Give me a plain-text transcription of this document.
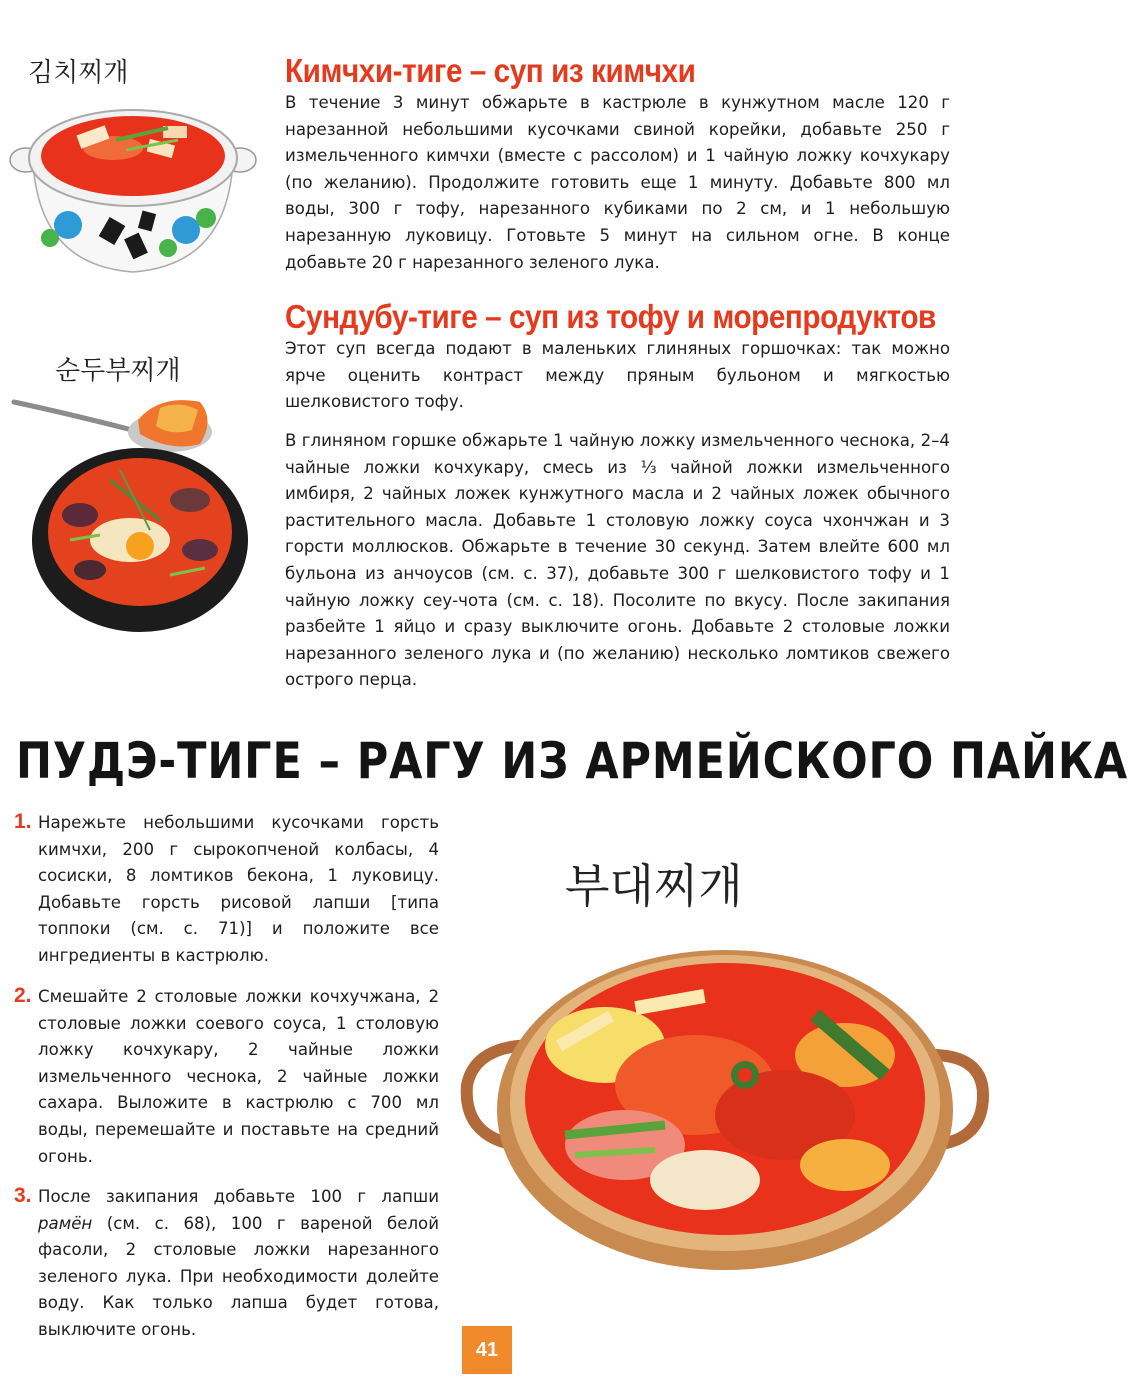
김치찌개	Кимчхи-тиге – суп из кимчхи

В течение 3 минут обжарьте в кастрюле в кунжутном масле 120 г нарезанной небольшими кусочками свиной корейки, добавьте 250 г измельченного кимчхи (вместе с рассолом) и 1 чайную ложку кочхукару (по желанию). Продолжите готовить еще 1 минуту. Добавьте 800 мл воды, 300 г тофу, нарезанного кубиками по 2 см, и 1 небольшую нарезанную луковицу. Готовьте 5 минут на сильном огне. В конце добавьте 20 г нарезанного зеленого лука.

순두부찌개
Сундубу-тиге – суп из тофу и морепродуктов

Этот суп всегда подают в маленьких глиняных горшочках: так можно ярче оценить контраст между пряным бульоном и мягкостью шелковистого тофу.

В глиняном горшке обжарьте 1 чайную ложку измельченного чеснока, 2–4 чайные ложки кочхукару, смесь из ⅓ чайной ложки измельченного имбиря, 2 чайных ложек кунжутного масла и 2 чайных ложек обычного растительного масла. Добавьте 1 столовую ложку соуса чхончжан и 3 горсти моллюсков. Обжарьте в течение 30 секунд. Затем влейте 600 мл бульона из анчоусов (см. с. 37), добавьте 300 г шелковистого тофу и 1 чайную ложку сеу-чота (см. с. 18). Посолите по вкусу. После закипания разбейте 1 яйцо и сразу выключите огонь. Добавьте 2 столовые ложки нарезанного зеленого лука и (по желанию) несколько ломтиков свежего острого перца.

ПУДЭ-ТИГЕ – РАГУ ИЗ АРМЕЙСКОГО ПАЙКА
1. Нарежьте небольшими кусочками горсть кимчхи, 200 г сырокопченой колбасы, 4 сосиски, 8 ломтиков бекона, 1 луковицу. Добавьте горсть рисовой лапши [типа топпоки (см. с. 71)] и положите все ингредиенты в кастрюлю.

2. Смешайте 2 столовые ложки кочхучжана, 2 столовые ложки соевого соуса, 1 столовую ложку кочхукару, 2 чайные ложки измельченного чеснока, 2 чайные ложки сахара. Выложите в кастрюлю с 700 мл воды, перемешайте и поставьте на средний огонь.

3. После закипания добавьте 100 г лапши рамён (см. с. 68), 100 г вареной белой фасоли, 2 столовые ложки нарезанного зеленого лука. При необходимости долейте воду. Как только лапша будет готова, выключите огонь.

부대찌개
41
